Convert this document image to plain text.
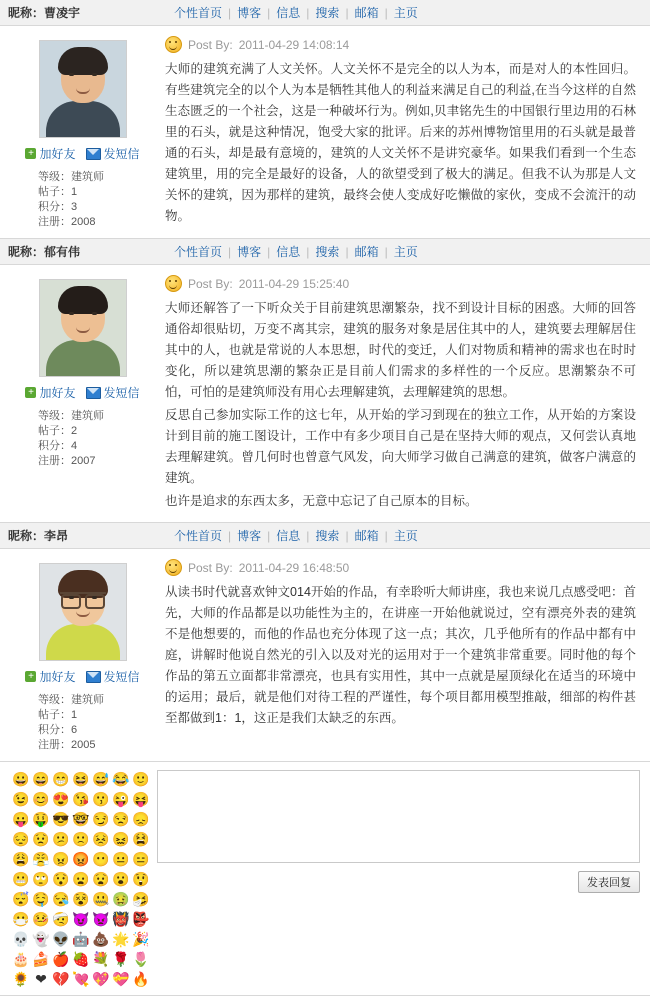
昵称：曹凌宇	个性首页 | 博客 | 信息 | 搜索 | 邮箱 | 主页
+ 加好友 发短信
等级：建筑师
帖子：1
积分：3
注册：2008
Post By: 2011-04-29 14:08:14

大师的建筑充满了人文关怀。人文关怀不是完全的以人为本，而是对人的本性回归。有些建筑完全的以个人为本是牺牲其他人的利益来满足自己的利益,在当今这样的自然生态匮乏的一个社会，这是一种破坏行为。例如,贝聿铭先生的中国银行里边用的石林里的石头，就是这种情况，饱受大家的批评。后来的苏州博物馆里用的石头就是最普通的石头，却是最有意境的，建筑的人文关怀不是讲究豪华。如果我们看到一个生态建筑里，用的完全是最好的设备，人的欲望受到了极大的满足。但我不认为那是人文关怀的建筑，因为那样的建筑，最终会使人变成好吃懒做的家伙，变成不会流汗的动物。

昵称：郁有伟	个性首页 | 博客 | 信息 | 搜索 | 邮箱 | 主页
+ 加好友 发短信
等级：建筑师
帖子：2
积分：4
注册：2007
Post By: 2011-04-29 15:25:40

大师还解答了一下听众关于目前建筑思潮繁杂，找不到设计目标的困惑。大师的回答通俗却很贴切，万变不离其宗，建筑的服务对象是居住其中的人，建筑要去理解居住其中的人，也就是常说的人本思想，时代的变迁，人们对物质和精神的需求也在时时变化，所以建筑思潮的繁杂正是目前人们需求的多样性的一个反应。思潮繁杂不可怕，可怕的是建筑师没有用心去理解建筑，去理解建筑的思想。

反思自己参加实际工作的这七年，从开始的学习到现在的独立工作，从开始的方案设计到目前的施工图设计，工作中有多少项目自己是在坚持大师的观点，又何尝认真地去理解建筑。曾几何时也曾意气风发，向大师学习做自己满意的建筑，做客户满意的建筑。

也许是追求的东西太多，无意中忘记了自己原本的目标。

昵称：李昂	个性首页 | 博客 | 信息 | 搜索 | 邮箱 | 主页
+ 加好友 发短信
等级：建筑师
帖子：1
积分：6
注册：2005
Post By: 2011-04-29 16:48:50

从读书时代就喜欢钟文014开始的作品，有幸聆听大师讲座，我也来说几点感受吧：首先，大师的作品都是以功能性为主的，在讲座一开始他就说过，空有漂亮外表的建筑不是他想要的，而他的作品也充分体现了这一点；其次，几乎他所有的作品中都有中庭，讲解时他说自然光的引入以及对光的运用对于一个建筑非常重要。同时他的每个作品的第五立面都非常漂亮，也具有实用性，其中一点就是屋顶绿化在适当的环境中的运用；最后，就是他们对待工程的严谨性，每个项目都用模型推敲，细部的构件甚至都做到1：1，这正是我们太缺乏的东西。

😀 😄 😁 😆 😅 😂 🙂
😉 😊 😍 😘 😗 😜 😝
😛 🤑 😎 🤓 😏 😒 😞
😔 😟 😕 🙁 😣 😖 😫
😩 😤 😠 😡 😶 😐 😑
😬 🙄 😯 😦 😧 😮 😲
😴 🤤 😪 😵 🤐 🤢 🤧
😷 🤒 🤕 😈 👿 👹 👺
💀 👻 👽 🤖 💩 🌟 🎉
🎂 🍰 🍎 🍓 💐 🌹 🌷
🌻 ❤ 💔 💘 💖 💝 🔥
发表回复
